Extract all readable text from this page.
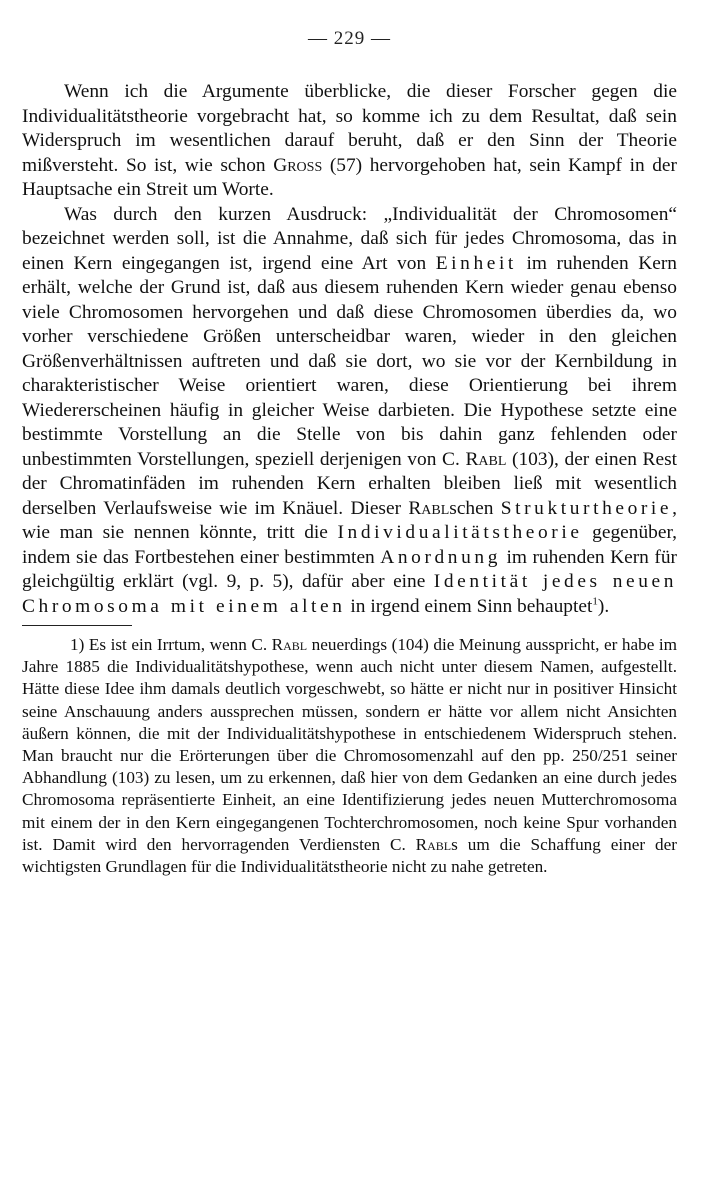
— 229 —

Wenn ich die Argumente überblicke, die dieser Forscher gegen die Individualitätstheorie vorgebracht hat, so komme ich zu dem Resultat, daß sein Widerspruch im wesentlichen darauf beruht, daß er den Sinn der Theorie mißversteht. So ist, wie schon Gross (57) hervorgehoben hat, sein Kampf in der Hauptsache ein Streit um Worte.

Was durch den kurzen Ausdruck: „Individualität der Chromosomen“ bezeichnet werden soll, ist die Annahme, daß sich für jedes Chromosoma, das in einen Kern eingegangen ist, irgend eine Art von Einheit im ruhenden Kern erhält, welche der Grund ist, daß aus diesem ruhenden Kern wieder genau ebenso viele Chromosomen hervorgehen und daß diese Chromosomen überdies da, wo vorher verschiedene Größen unterscheidbar waren, wieder in den gleichen Größenverhältnissen auftreten und daß sie dort, wo sie vor der Kernbildung in charakteristischer Weise orientiert waren, diese Orientierung bei ihrem Wiedererscheinen häufig in gleicher Weise darbieten. Die Hypothese setzte eine bestimmte Vorstellung an die Stelle von bis dahin ganz fehlenden oder unbestimmten Vorstellungen, speziell derjenigen von C. Rabl (103), der einen Rest der Chromatinfäden im ruhenden Kern erhalten bleiben ließ mit wesentlich derselben Verlaufsweise wie im Knäuel. Dieser Rablschen Strukturtheorie, wie man sie nennen könnte, tritt die Individualitätstheorie gegenüber, indem sie das Fortbestehen einer bestimmten Anordnung im ruhenden Kern für gleichgültig erklärt (vgl. 9, p. 5), dafür aber eine Identität jedes neuen Chromosoma mit einem alten in irgend einem Sinn behauptet$^1$).

1) Es ist ein Irrtum, wenn C. Rabl neuerdings (104) die Meinung ausspricht, er habe im Jahre 1885 die Individualitätshypothese, wenn auch nicht unter diesem Namen, aufgestellt. Hätte diese Idee ihm damals deutlich vorgeschwebt, so hätte er nicht nur in positiver Hinsicht seine Anschauung anders aussprechen müssen, sondern er hätte vor allem nicht Ansichten äußern können, die mit der Individualitätshypothese in entschiedenem Widerspruch stehen. Man braucht nur die Erörterungen über die Chromosomenzahl auf den pp. 250/251 seiner Abhandlung (103) zu lesen, um zu erkennen, daß hier von dem Gedanken an eine durch jedes Chromosoma repräsentierte Einheit, an eine Identifizierung jedes neuen Mutterchromosoma mit einem der in den Kern eingegangenen Tochterchromosomen, noch keine Spur vorhanden ist. Damit wird den hervorragenden Verdiensten C. Rabls um die Schaffung einer der wichtigsten Grundlagen für die Individualitätstheorie nicht zu nahe getreten.
